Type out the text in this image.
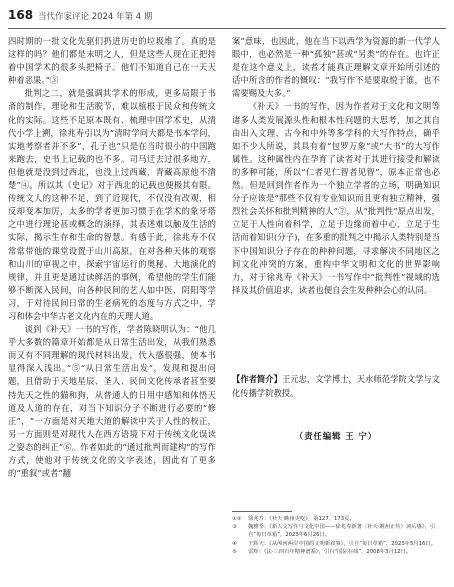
168 当代作家评论 2024 年第 4 期

四时期的一批文化先驱们扔进历史的垃圾堆了。真的是这样的吗？他们都是末明之人，但是这些人现在正把持着中国学术的很多头把椅子。他们不知道自己在一天天种着恶果。”③

批判之二，就是强调其学术的形成，更多局限于书斋的制作，理论和生活脱节，难以植根于民众和传统文化的实际。这些不足原本既有、梳理中国学术史，从清代小学上溯，徐兆寿引以为“清时学问大都是书本学问，实地考察者并不多”，孔子也“只是在当时很小的中国跑来跑去，史书上记载的也不多。司马迁去过很多地方，但他就是没到过西北，也没上过西藏，青藏高原他不清楚”④。所以其《史记》对于西北的记载也便极其有限。传统文人的这种不足，到了近现代，不仅没有改观，相反却变本加厉，太多的学者更加习惯于在学术的象牙塔之中进行理论甚或概念的演绎，其表述难以触及生活的实际，揭示生存和生命的智慧。有感于此，徐兆寿不仅常常带他的课堂设置于山川高原，在对各种天体的观察和山川的审视之中，探索宇宙运行的奥秘、大地演化的规律，并且更是通过读鲜活的事例，希望他的学生们能够不断深入民间，向各种民间的艺人如中医、阴阳等学习，于对待民间日常的生老病死的态度与方式之中，学习和体会中华古老文化内在的天理人道。

谈到《补天》一书的写作，学者陈晓明认为：“他几乎大多数的篇章开始都是从日常生活出发，从我们熟悉而又有不同理解的现代材料出发，代入感很强，使本书显得深入浅出。”⑤“从日常生活出发”，发现和提出问题，且借助于天地星辰、圣人、民间文化传承者甚至要持先天之性的猫和狗，从普通人的日用中感知和体悟天道及人道的存在，对当下知识分子不断进行必要的“修正”，“一方面是对天地大道的解读中关于人性的校正，另一方面则是对现代人在西方语境下对于传统文化误读之姿态的纠正”⑥。作者如此的“通过批判而建构”的写作方式，使他对于传统文化的文字表述，因此有了更多的“重叙”或者“翻

案”意味，也因此，他在当下以西学为资源的新一代学人眼中，也必然是一种“孤独”甚或“另类”的存在。也许正是在这个意义上，读者才能真正理解文章开始所引述的话中所含的作者的慨叹：“我写作不是要取悦于谁，也不需要赐及大多。”

《补天》一书的写作，因为作者对于文化和文明等诸多人类发展源头性和根本性问题的大思考，加之其自由出入文理、古今和中外等多学科的大写作特点，确乎如不少人所说，其具有着“包罗万象”或“大书”的大写作属性。这种属性内在孕育了读者对于其进行接受和解读的多种可能，所以“仁者见仁智者见智”，原本正常也必然。但是回到作者作为一个独立学者的立场，明确知识分子应该是“那些不仅有专业知识而且更有独立精神，强烈社会关怀和批判精神的人”⑦，从“批判性”原点出发，立足于人性向着科学，立足于边缘而着中心，立足于生活而着知识(分子)，在多重的批判之中揭示人类特别是当下中国知识分子存在的种种问题，寻求解决不同地区之间文化冲突的方案，重构中华文明和文化的世界影响力，对于徐兆寿《补天》一书写作中“批判性”视域的选择及其价值追求，读者也便自会生发种种会心的认同。

【作者简介】王元忠，文学博士，天水师范学院文学与文化传播学院教授。
（责任编辑 王 宁）
①②	徐兆寿：《补天·瞧州吏吃》，第127、173页。
③	魏雅季：《新人文写作与文化中国——徐兆寿新著〈补天·瞧州正传〉读后感》，引自“每日草箱”，2023年6月26日。
④	王辉天：《从颅河两岸中国的文明新叙事》，引自“每日草箱”，2023年5月16日。
⑤	雷辉：《法·三四百年精神谱系》，引自“国际在线”，2008年3月12日。
